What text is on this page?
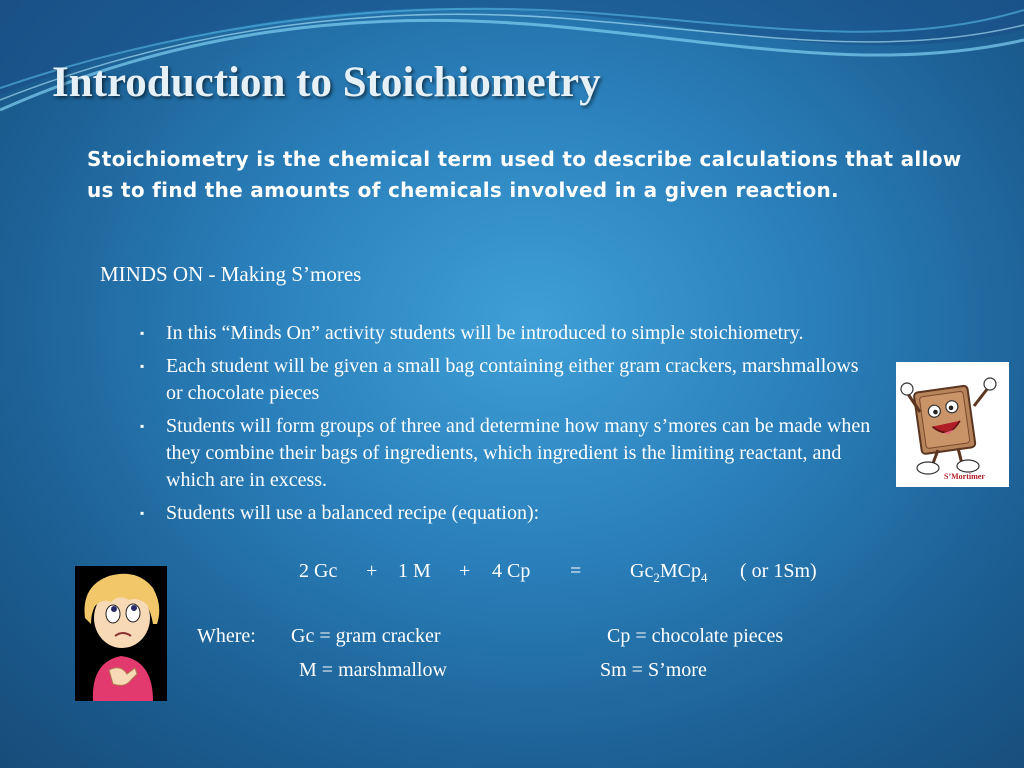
Introduction to Stoichiometry

Stoichiometry is the chemical term used to describe calculations that allow us to find the amounts of chemicals involved in a given reaction.

MINDS ON - Making S’mores

▪ In this “Minds On” activity students will be introduced to simple stoichiometry.
▪ Each student will be given a small bag containing either gram crackers, marshmallows or chocolate pieces
▪ Students will form groups of three and determine how many s’mores can be made when they combine their bags of ingredients, which ingredient is the limiting reactant, and which are in excess.
▪ Students will use a balanced recipe (equation):
2 Gc + 1 M + 4 $Cp = Gc_2MCp_4$ ( or 1Sm)
Where: Gc = gram cracker	Cp = chocolate pieces
M = marshmallow	Sm = S’more
S’Mortimer
